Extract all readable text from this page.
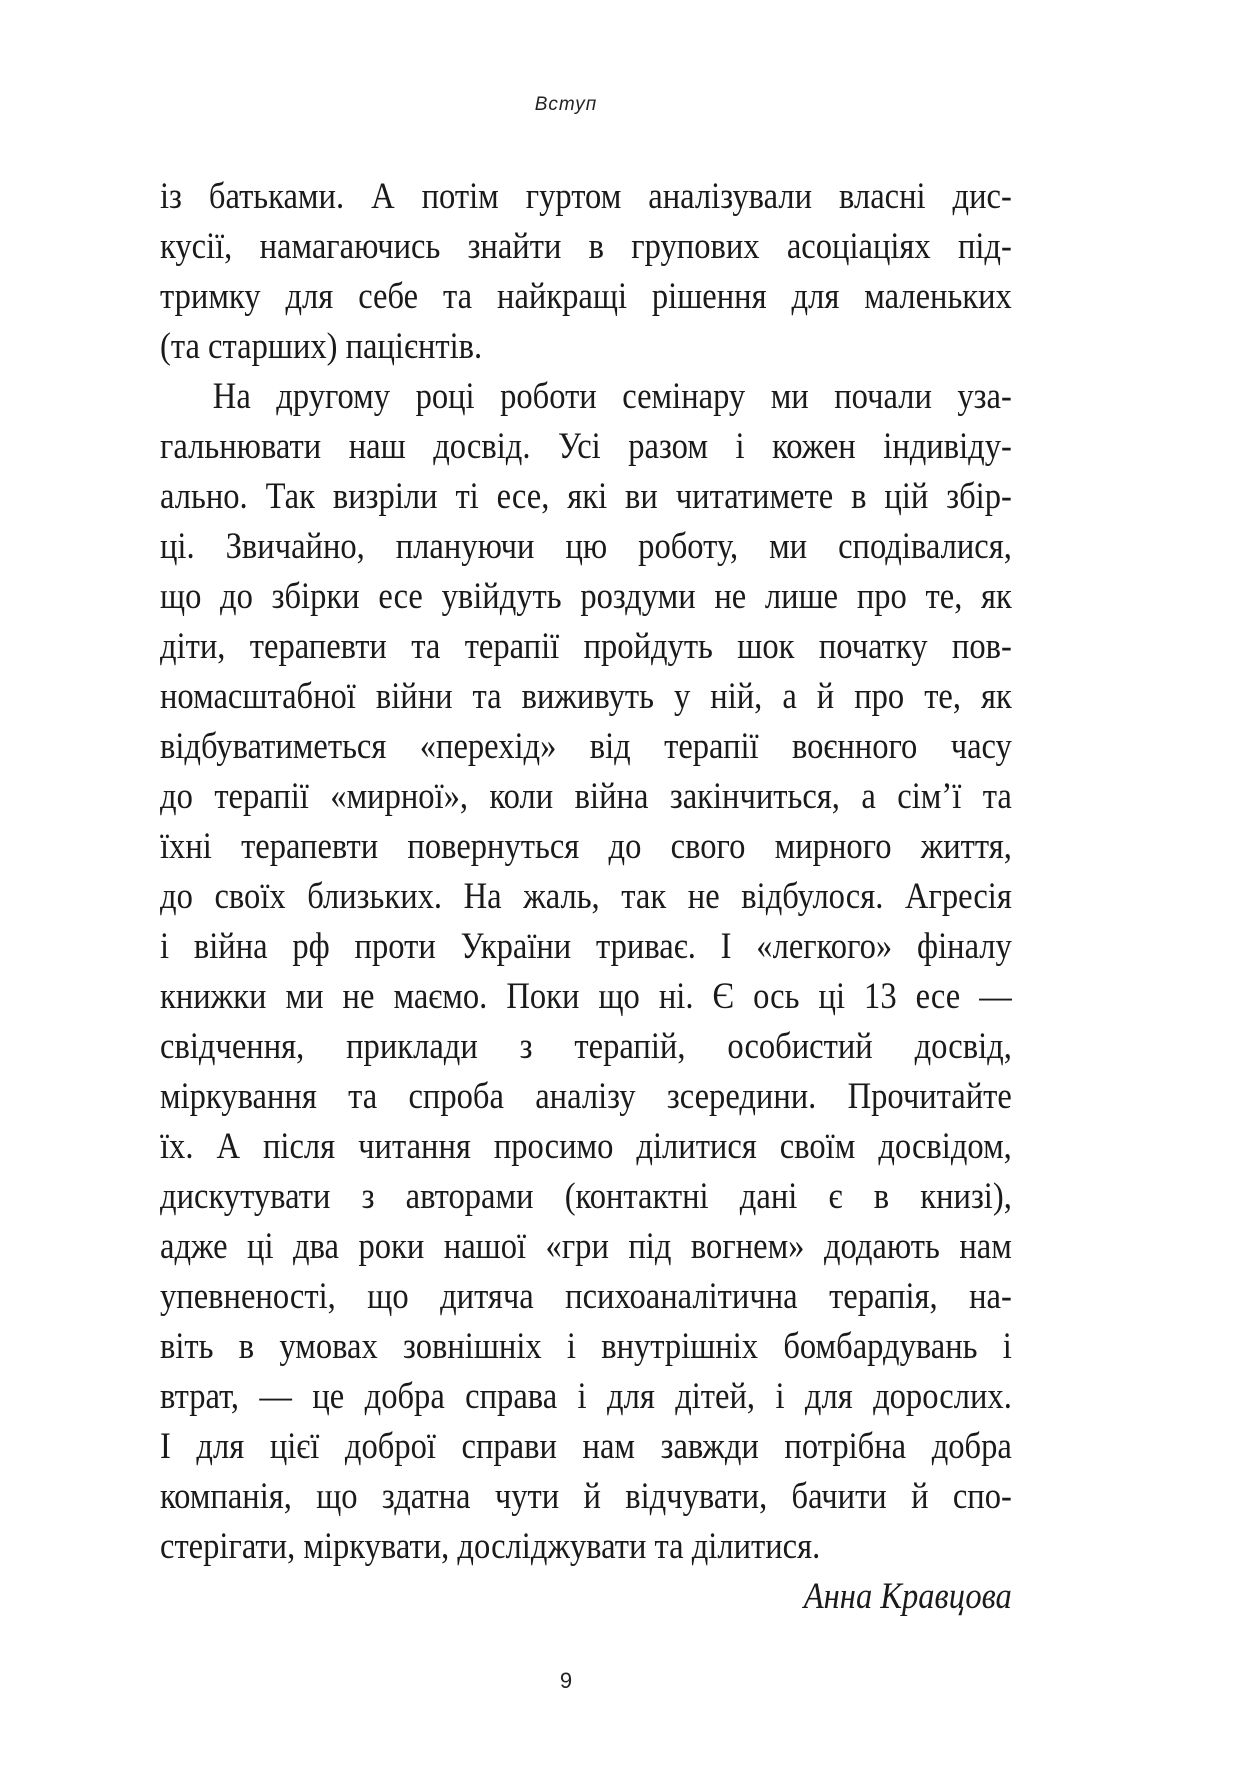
Вступ
із батьками. А потім гуртом аналізували власні дис-
кусії, намагаючись знайти в групових асоціаціях під-
тримку для себе та найкращі рішення для маленьких
(та старших) пацієнтів.
На другому році роботи семінару ми почали уза-
гальнювати наш досвід. Усі разом і кожен індивіду-
ально. Так визріли ті есе, які ви читатимете в цій збір-
ці. Звичайно, плануючи цю роботу, ми сподівалися,
що до збірки есе увійдуть роздуми не лише про те, як
діти, терапевти та терапії пройдуть шок початку пов-
номасштабної війни та виживуть у ній, а й про те, як
відбуватиметься «перехід» від терапії воєнного часу
до терапії «мирної», коли війна закінчиться, а сім’ї та
їхні терапевти повернуться до свого мирного життя,
до своїх близьких. На жаль, так не відбулося. Агресія
і війна рф проти України триває. І «легкого» фіналу
книжки ми не маємо. Поки що ні. Є ось ці 13 есе —
свідчення, приклади з терапій, особистий досвід,
міркування та спроба аналізу зсередини. Прочитайте
їх. А після читання просимо ділитися своїм досвідом,
дискутувати з авторами (контактні дані є в книзі),
адже ці два роки нашої «гри під вогнем» додають нам
упевненості, що дитяча психоаналітична терапія, на-
віть в умовах зовнішніх і внутрішніх бомбардувань і
втрат, — це добра справа і для дітей, і для дорослих.
І для цієї доброї справи нам завжди потрібна добра
компанія, що здатна чути й відчувати, бачити й спо-
стерігати, міркувати, досліджувати та ділитися.
Анна Кравцова
9
